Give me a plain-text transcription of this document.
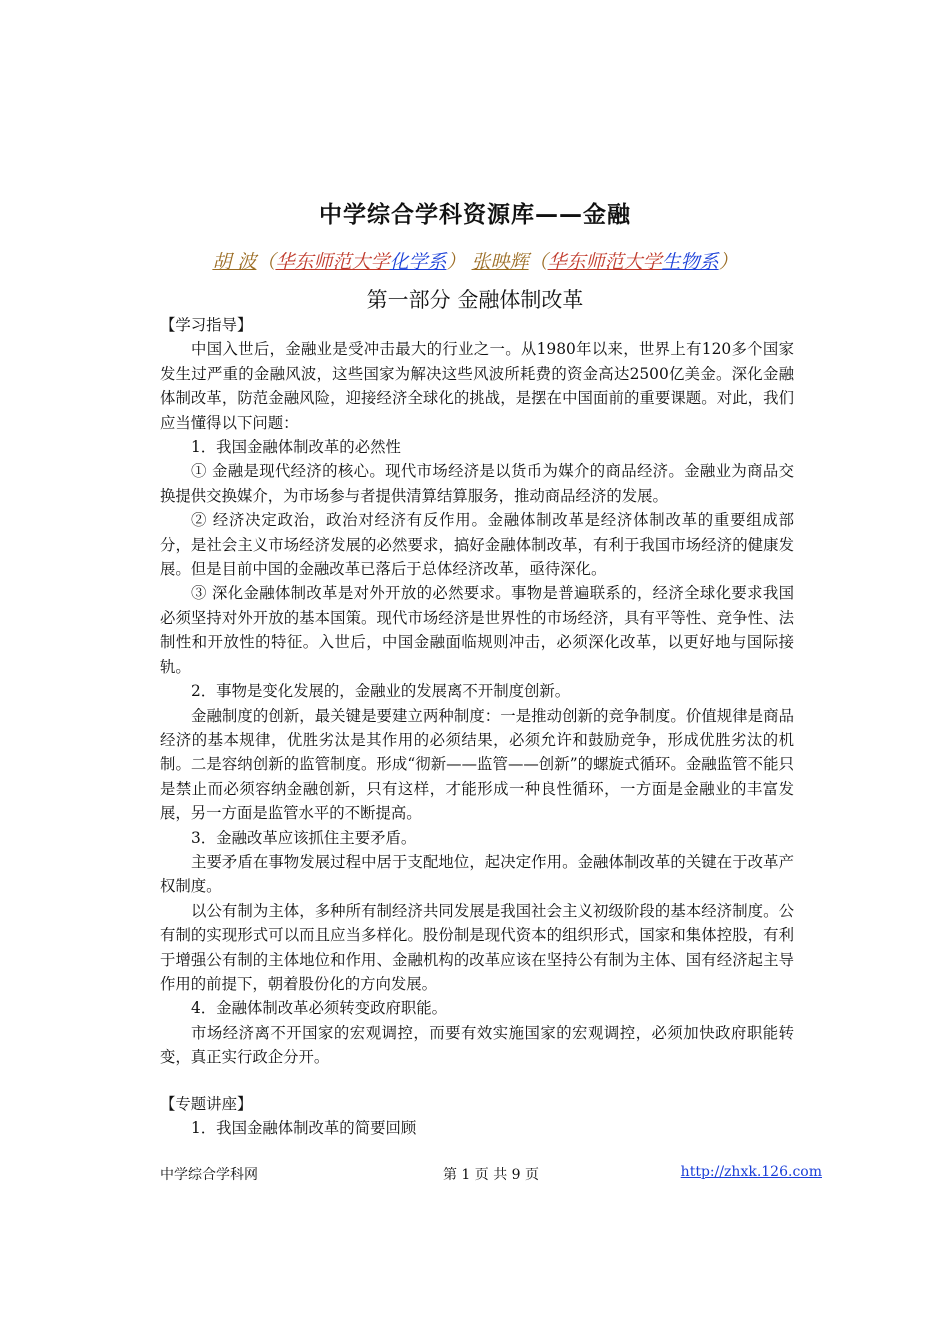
中学综合学科资源库——金融
胡 波（华东师范大学化学系） 张映辉（华东师范大学生物系）
第一部分 金融体制改革

【学习指导】

中国入世后，金融业是受冲击最大的行业之一。从1980年以来，世界上有120多个国家发生过严重的金融风波，这些国家为解决这些风波所耗费的资金高达2500亿美金。深化金融体制改革，防范金融风险，迎接经济全球化的挑战，是摆在中国面前的重要课题。对此，我们应当懂得以下问题：

1．我国金融体制改革的必然性

① 金融是现代经济的核心。现代市场经济是以货币为媒介的商品经济。金融业为商品交换提供交换媒介，为市场参与者提供清算结算服务，推动商品经济的发展。

② 经济决定政治，政治对经济有反作用。金融体制改革是经济体制改革的重要组成部分，是社会主义市场经济发展的必然要求，搞好金融体制改革，有利于我国市场经济的健康发展。但是目前中国的金融改革已落后于总体经济改革，亟待深化。

③ 深化金融体制改革是对外开放的必然要求。事物是普遍联系的，经济全球化要求我国必须坚持对外开放的基本国策。现代市场经济是世界性的市场经济，具有平等性、竞争性、法制性和开放性的特征。入世后，中国金融面临规则冲击，必须深化改革，以更好地与国际接轨。

2．事物是变化发展的，金融业的发展离不开制度创新。

金融制度的创新，最关键是要建立两种制度：一是推动创新的竞争制度。价值规律是商品经济的基本规律，优胜劣汰是其作用的必须结果，必须允许和鼓励竞争，形成优胜劣汰的机制。二是容纳创新的监管制度。形成“彻新——监管——创新”的螺旋式循环。金融监管不能只是禁止而必须容纳金融创新，只有这样，才能形成一种良性循环，一方面是金融业的丰富发展，另一方面是监管水平的不断提高。

3．金融改革应该抓住主要矛盾。

主要矛盾在事物发展过程中居于支配地位，起决定作用。金融体制改革的关键在于改革产权制度。

以公有制为主体，多种所有制经济共同发展是我国社会主义初级阶段的基本经济制度。公有制的实现形式可以而且应当多样化。股份制是现代资本的组织形式，国家和集体控股，有利于增强公有制的主体地位和作用、金融机构的改革应该在坚持公有制为主体、国有经济起主导作用的前提下，朝着股份化的方向发展。

4．金融体制改革必须转变政府职能。

市场经济离不开国家的宏观调控，而要有效实施国家的宏观调控，必须加快政府职能转变，真正实行政企分开。

【专题讲座】

1．我国金融体制改革的简要回顾

中学综合学科网	第 1 页 共 9 页	http://zhxk.126.com
